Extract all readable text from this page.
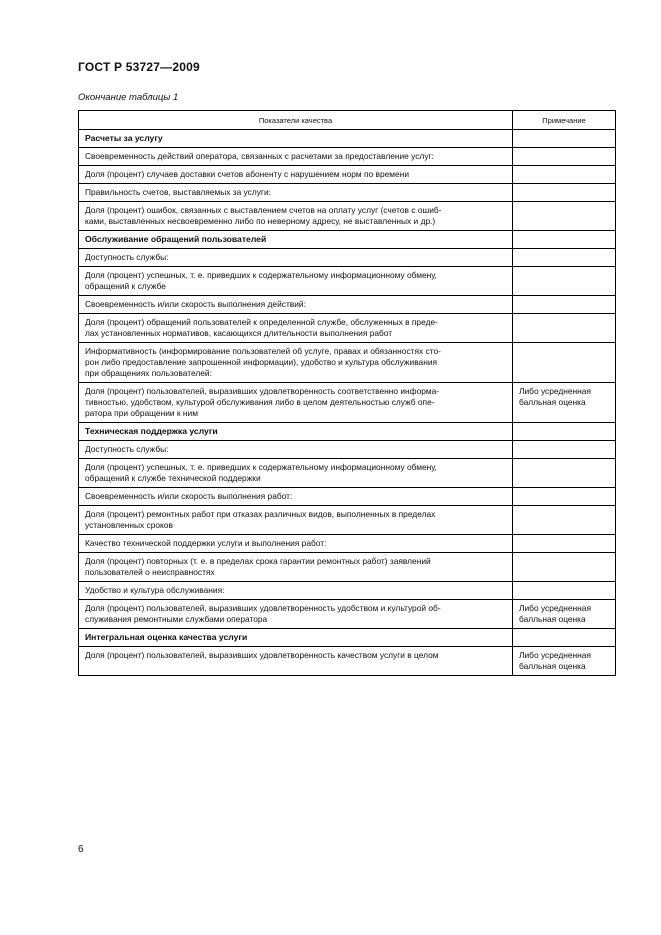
ГОСТ Р 53727—2009
Окончание таблицы 1
Показатели качества	Примечание
Расчеты за услугу	
Своевременность действий оператора, связанных с расчетами за предоставление услуг:	
Доля (процент) случаев доставки счетов абоненту с нарушением норм по времени	
Правильность счетов, выставляемых за услуги:	
Доля (процент) ошибок, связанных с выставлением счетов на оплату услуг (счетов с ошиб-
ками, выставленных несвоевременно либо по неверному адресу, не выставленных и др.)	
Обслуживание обращений пользователей	
Доступность службы:	
Доля (процент) успешных, т. е. приведших к содержательному информационному обмену,
обращений к службе	
Своевременность и/или скорость выполнения действий:	
Доля (процент) обращений пользователей к определенной службе, обслуженных в преде-
лах установленных нормативов, касающихся длительности выполнения работ	
Информативность (информирование пользователей об услуге, правах и обязанностях сто-
рон либо предоставление запрошенной информации), удобство и культура обслуживания
при обращениях пользователей:	
Доля (процент) пользователей, выразивших удовлетворенность соответственно информа-
тивностью, удобством, культурой обслуживания либо в целом деятельностью служб опе-
ратора при обращении к ним	Либо усредненная
балльная оценка
Техническая поддержка услуги	
Доступность службы:	
Доля (процент) успешных, т. е. приведших к содержательному информационному обмену,
обращений к службе технической поддержки	
Своевременность и/или скорость выполнения работ:	
Доля (процент) ремонтных работ при отказах различных видов, выполненных в пределах
установленных сроков	
Качество технической поддержки услуги и выполнения работ:	
Доля (процент) повторных (т. е. в пределах срока гарантии ремонтных работ) заявлений
пользователей о неисправностях	
Удобство и культура обслуживания:	
Доля (процент) пользователей, выразивших удовлетворенность удобством и культурой об-
служивания ремонтными службами оператора	Либо усредненная
балльная оценка
Интегральная оценка качества услуги	
Доля (процент) пользователей, выразивших удовлетворенность качеством услуги в целом	Либо усредненная
балльная оценка
6
